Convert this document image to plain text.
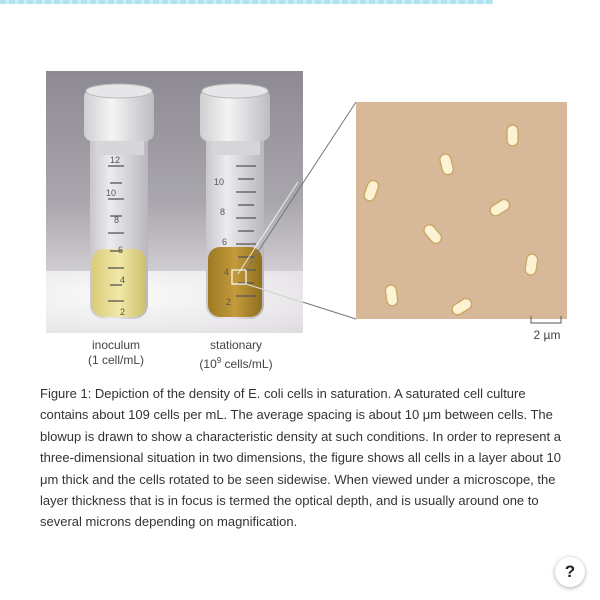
12
10
8
6
4
2
10
8
6
4
2
2 µm
inoculum
(1 cell/mL)
stationary
($10^9$ cells/mL)
Figure 1: Depiction of the density of E. coli cells in saturation. A saturated cell culture contains about 109 cells per mL. The average spacing is about 10 μm between cells. The blowup is drawn to show a characteristic density at such conditions. In order to represent a three-dimensional situation in two dimensions, the figure shows all cells in a layer about 10 μm thick and the cells rotated to be seen sidewise. When viewed under a microscope, the layer thickness that is in focus is termed the optical depth, and is usually around one to several microns depending on magnification.
?
